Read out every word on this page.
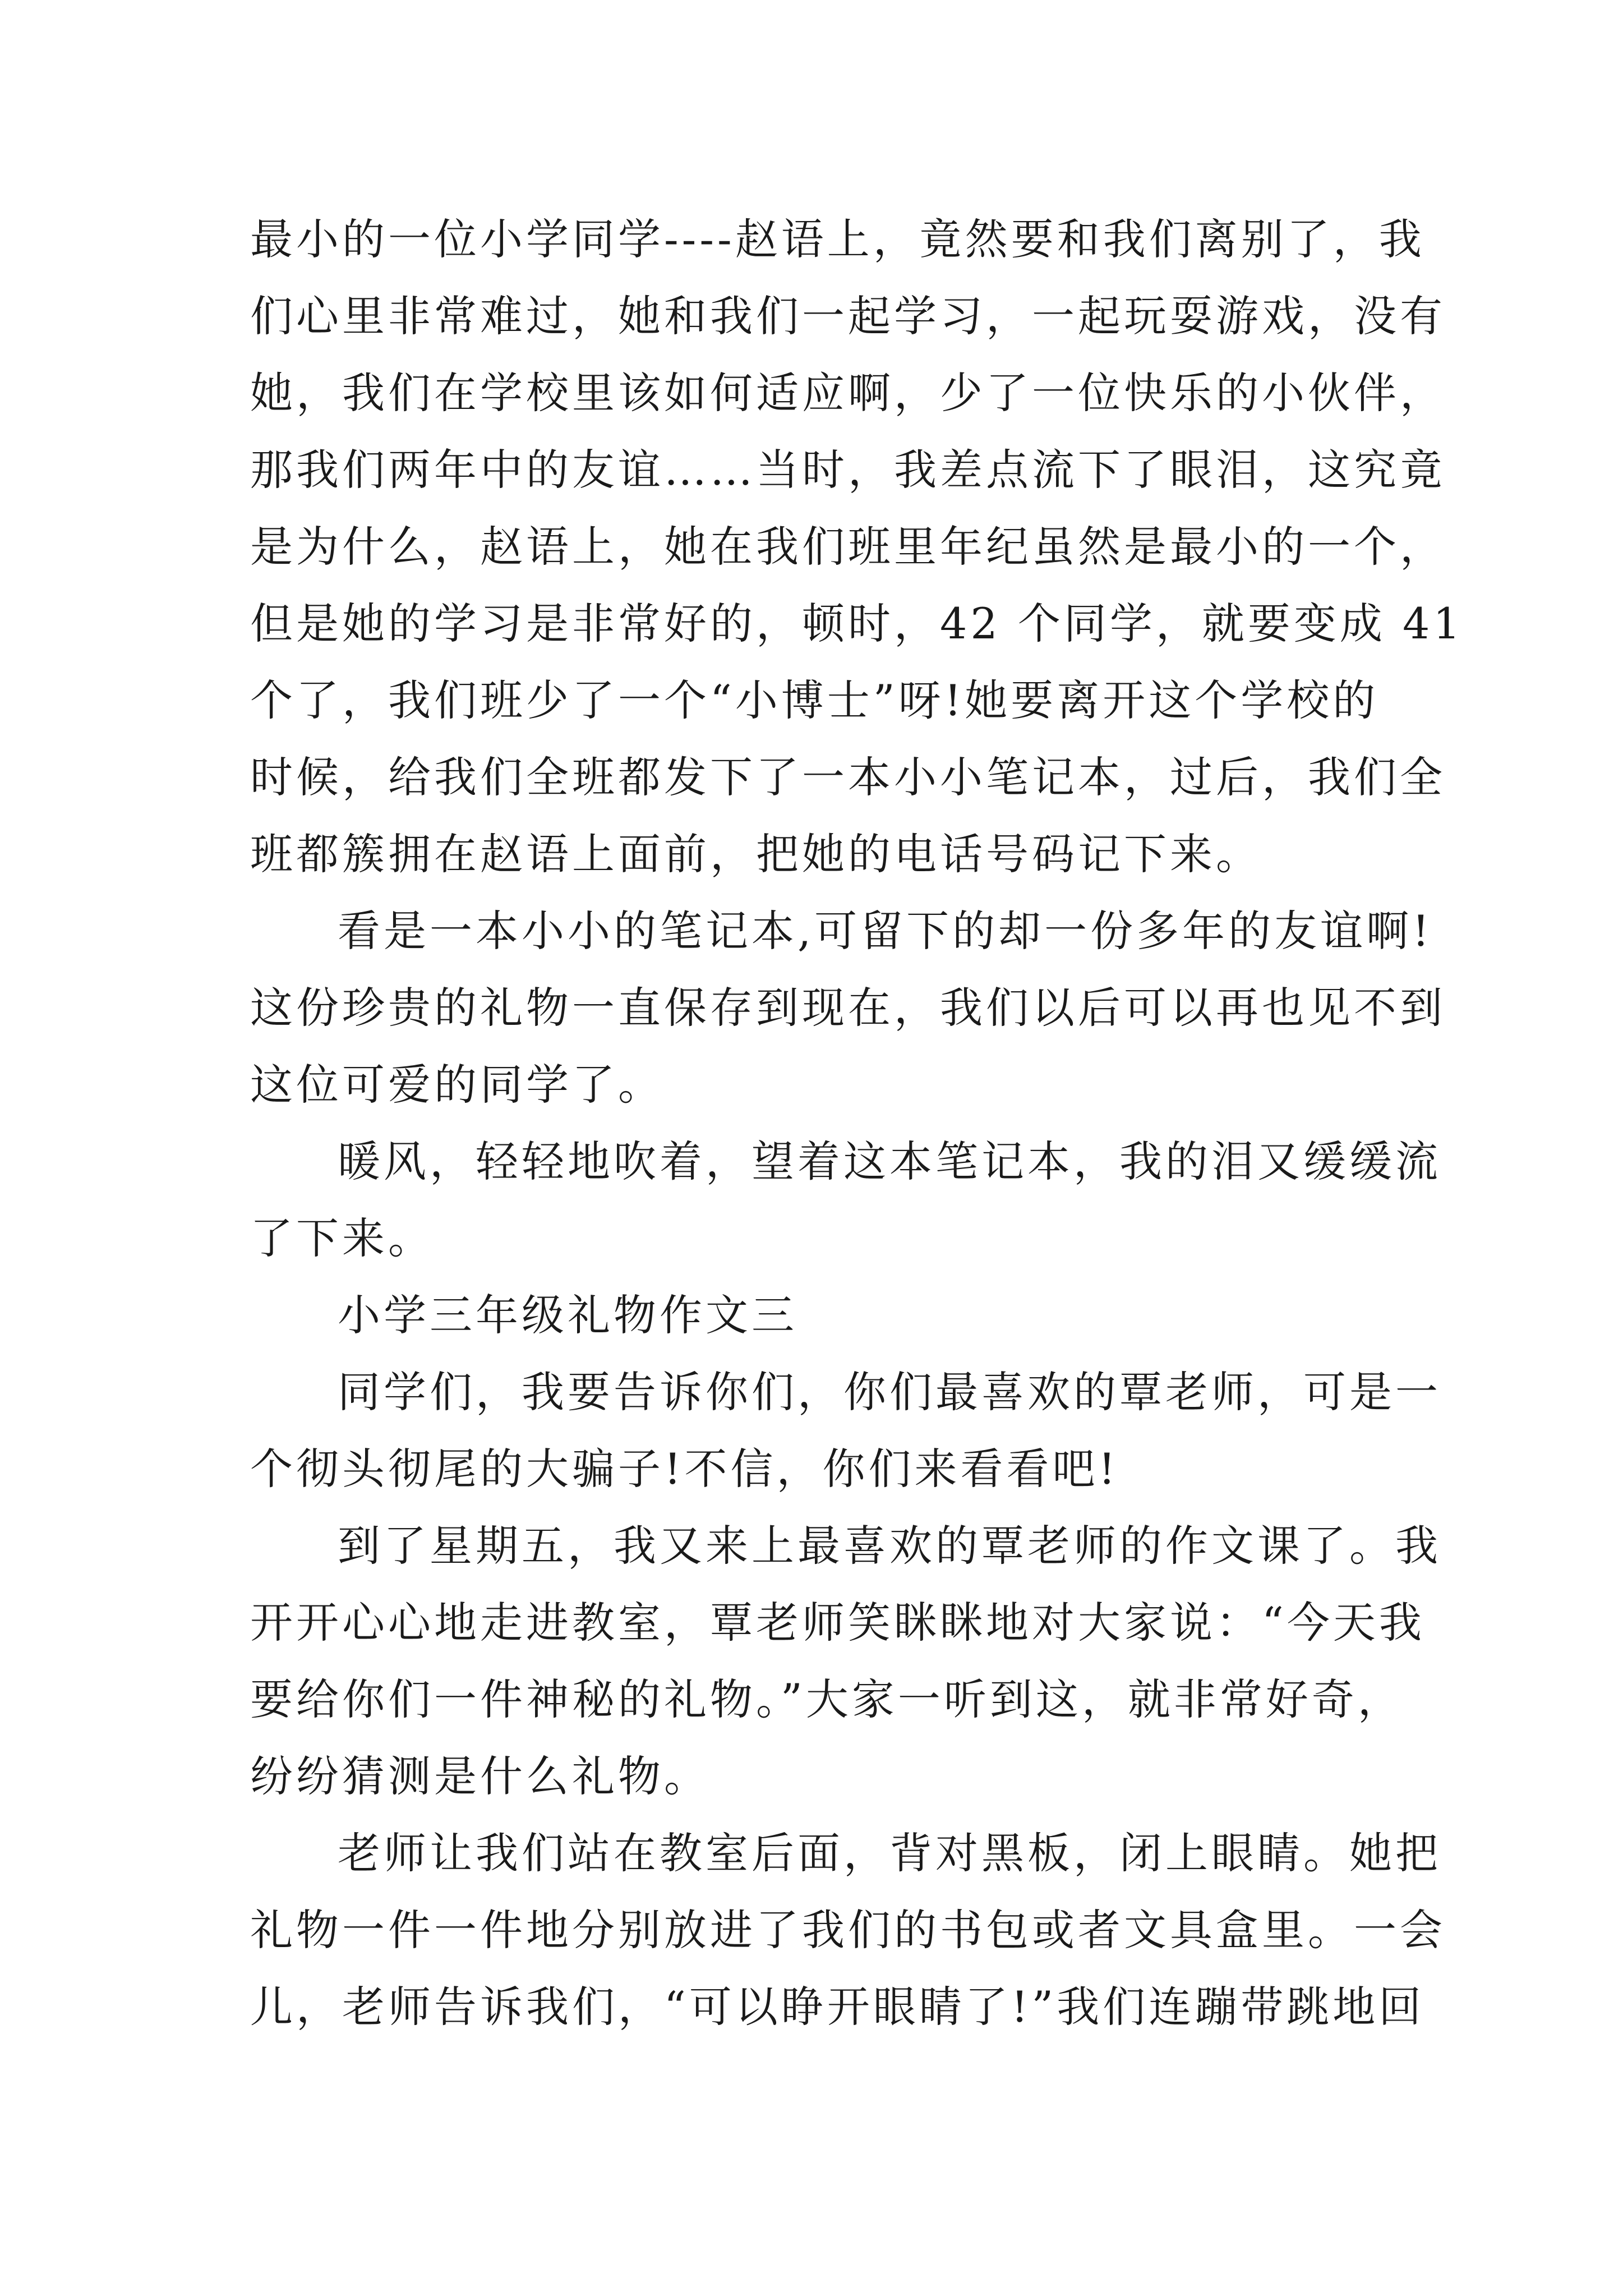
最小的一位小学同学----赵语上，竟然要和我们离别了，我
们心里非常难过，她和我们一起学习，一起玩耍游戏，没有
她，我们在学校里该如何适应啊，少了一位快乐的小伙伴，
那我们两年中的友谊……当时，我差点流下了眼泪，这究竟
是为什么，赵语上，她在我们班里年纪虽然是最小的一个，
但是她的学习是非常好的，顿时，42 个同学，就要变成 41
个了，我们班少了一个“小博士”呀!她要离开这个学校的
时候，给我们全班都发下了一本小小笔记本，过后，我们全
班都簇拥在赵语上面前，把她的电话号码记下来。
看是一本小小的笔记本,可留下的却一份多年的友谊啊!
这份珍贵的礼物一直保存到现在，我们以后可以再也见不到
这位可爱的同学了。
暖风，轻轻地吹着，望着这本笔记本，我的泪又缓缓流
了下来。
小学三年级礼物作文三
同学们，我要告诉你们，你们最喜欢的覃老师，可是一
个彻头彻尾的大骗子!不信，你们来看看吧!
到了星期五，我又来上最喜欢的覃老师的作文课了。我
开开心心地走进教室，覃老师笑眯眯地对大家说：“今天我
要给你们一件神秘的礼物。”大家一听到这，就非常好奇，
纷纷猜测是什么礼物。
老师让我们站在教室后面，背对黑板，闭上眼睛。她把
礼物一件一件地分别放进了我们的书包或者文具盒里。一会
儿，老师告诉我们，“可以睁开眼睛了!”我们连蹦带跳地回
